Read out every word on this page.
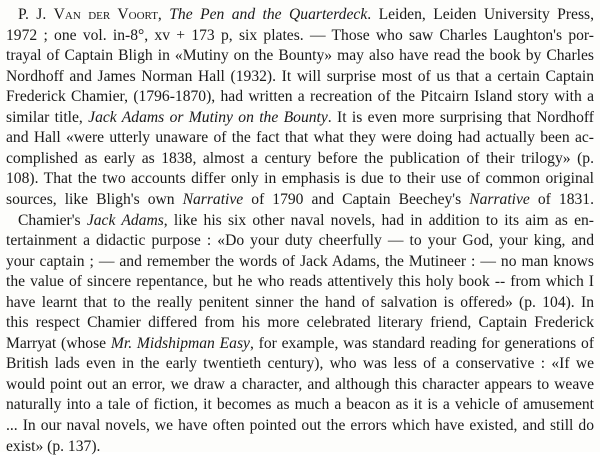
P. J. Van der Voort, The Pen and the Quarterdeck. Leiden, Leiden University Press,
1972 ; one vol. in-8°, xv + 173 p, six plates. — Those who saw Charles Laughton's por-
trayal of Captain Bligh in «Mutiny on the Bounty» may also have read the book by Charles
Nordhoff and James Norman Hall (1932). It will surprise most of us that a certain Captain
Frederick Chamier, (1796-1870), had written a recreation of the Pitcairn Island story with a
similar title, Jack Adams or Mutiny on the Bounty. It is even more surprising that Nordhoff
and Hall «were utterly unaware of the fact that what they were doing had actually been ac-
complished as early as 1838, almost a century before the publication of their trilogy» (p.
108). That the two accounts differ only in emphasis is due to their use of common original
sources, like Bligh's own Narrative of 1790 and Captain Beechey's Narrative of 1831.
Chamier's Jack Adams, like his six other naval novels, had in addition to its aim as en-
tertainment a didactic purpose : «Do your duty cheerfully — to your God, your king, and
your captain ; — and remember the words of Jack Adams, the Mutineer : — no man knows
the value of sincere repentance, but he who reads attentively this holy book -- from which I
have learnt that to the really penitent sinner the hand of salvation is offered» (p. 104). In
this respect Chamier differed from his more celebrated literary friend, Captain Frederick
Marryat (whose Mr. Midshipman Easy, for example, was standard reading for generations of
British lads even in the early twentieth century), who was less of a conservative : «If we
would point out an error, we draw a character, and although this character appears to weave
naturally into a tale of fiction, it becomes as much a beacon as it is a vehicle of amusement
... In our naval novels, we have often pointed out the errors which have existed, and still do
exist» (p. 137).
